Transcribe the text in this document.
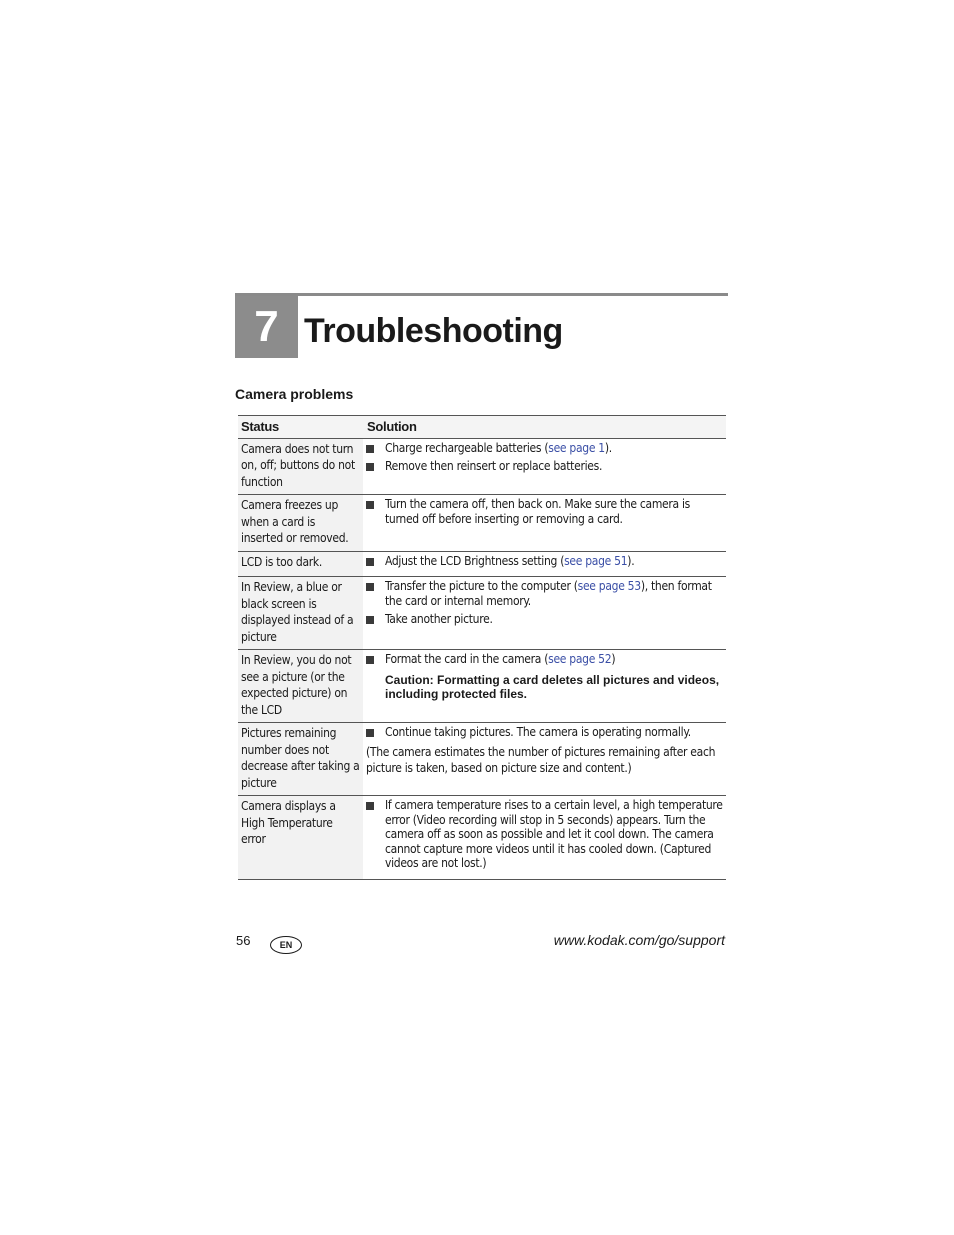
7 Troubleshooting
Camera problems
Status	Solution
Camera does not turn on, off; buttons do not function	Charge rechargeable batteries (see page 1).
Remove then reinsert or replace batteries.

Camera freezes up when a card is inserted or removed.	Turn the camera off, then back on. Make sure the camera is turned off before inserting or removing a card.

LCD is too dark.	Adjust the LCD Brightness setting (see page 51).

In Review, a blue or black screen is displayed instead of a picture	Transfer the picture to the computer (see page 53), then format the card or internal memory.
Take another picture.

In Review, you do not see a picture (or the expected picture) on the LCD	Format the card in the camera (see page 52)
Caution: Formatting a card deletes all pictures and videos, including protected files.

Pictures remaining number does not decrease after taking a picture	Continue taking pictures. The camera is operating normally.
(The camera estimates the number of pictures remaining after each picture is taken, based on picture size and content.)

Camera displays a High Temperature error	If camera temperature rises to a certain level, a high temperature error (Video recording will stop in 5 seconds) appears. Turn the camera off as soon as possible and let it cool down. The camera cannot capture more videos until it has cooled down. (Captured videos are not lost.)
56	EN	www.kodak.com/go/support
